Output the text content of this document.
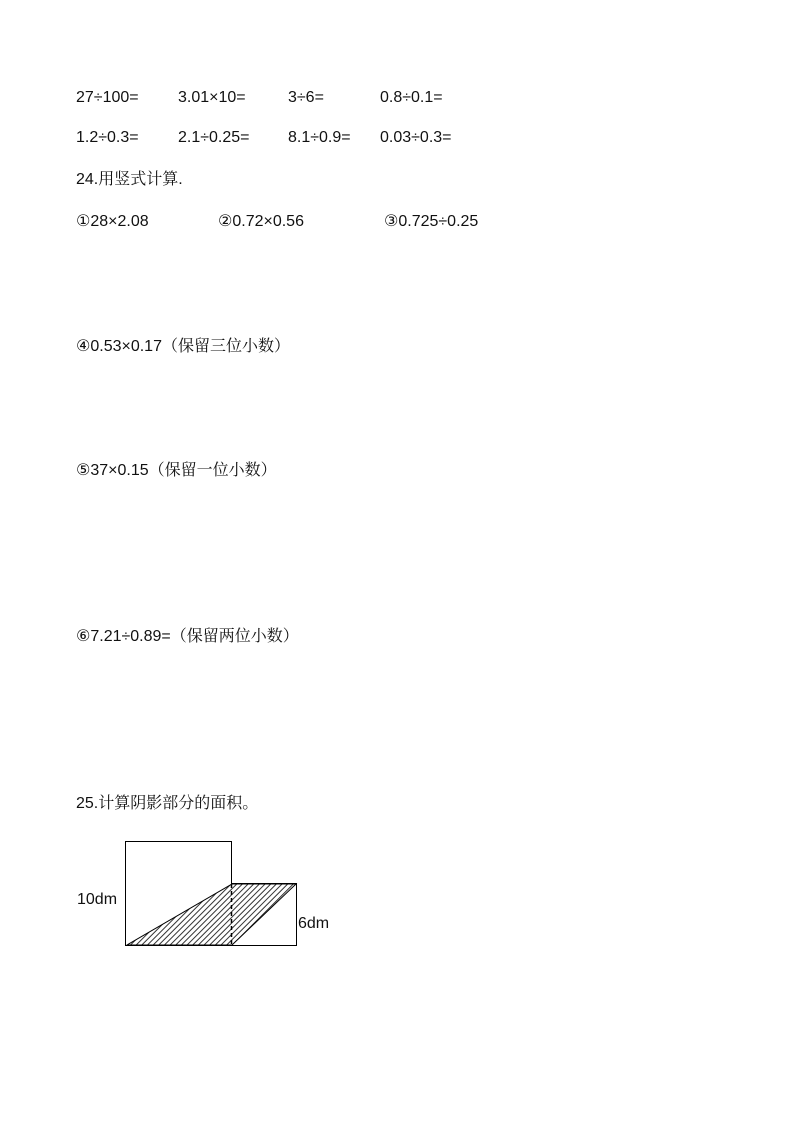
27÷100= 3.01×10=	3÷6=	0.8÷0.1=
1.2÷0.3= 2.1÷0.25= 8.1÷0.9= 0.03÷0.3=
24.用竖式计算.
①28×2.08	②0.72×0.56	③0.725÷0.25
④0.53×0.17（保留三位小数）
⑤37×0.15（保留一位小数）
⑥7.21÷0.89=（保留两位小数）
25.计算阴影部分的面积。
10dm
6dm
